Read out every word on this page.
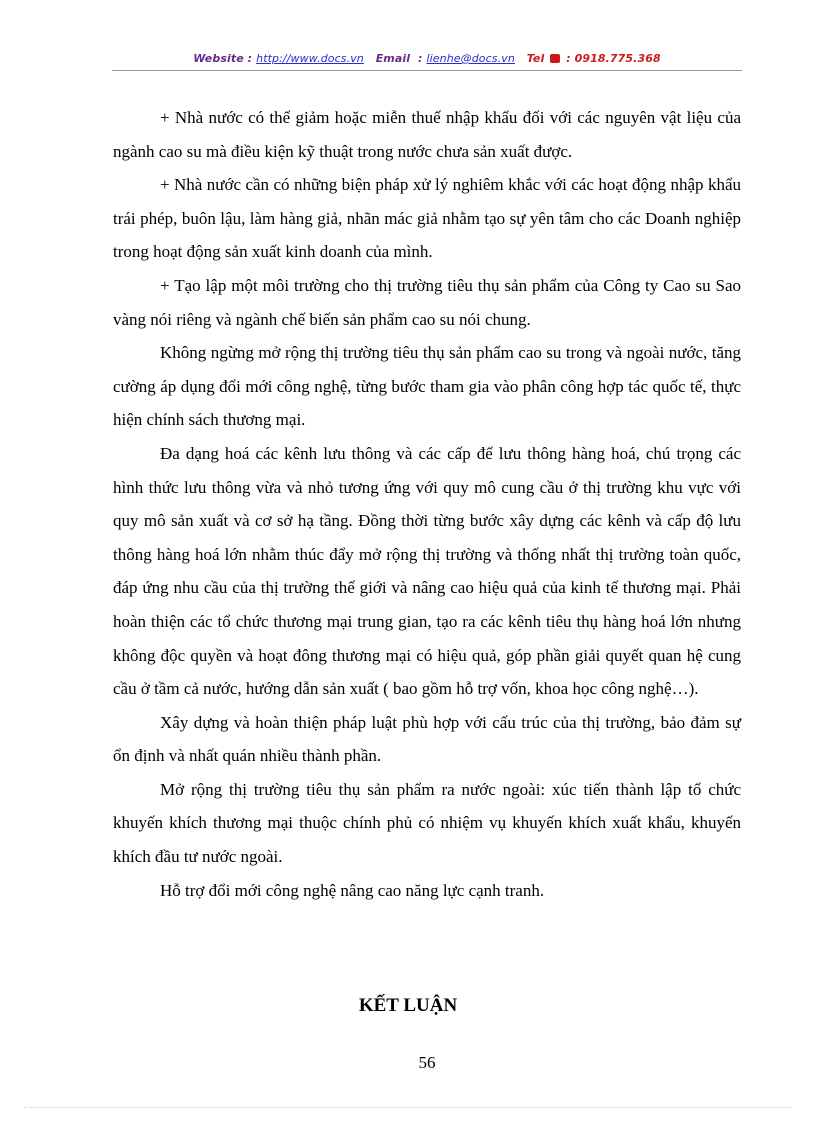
Website : http://www.docs.vn Email : lienhe@docs.vn Tel : 0918.775.368

+ Nhà nước có thể giảm hoặc miễn thuế nhập khẩu đối với các nguyên vật liệu của ngành cao su mà điều kiện kỹ thuật trong nước chưa sản xuất được.

+ Nhà nước cần có những biện pháp xử lý nghiêm khắc với các hoạt động nhập khẩu trái phép, buôn lậu, làm hàng giả, nhãn mác giả nhằm tạo sự yên tâm cho các Doanh nghiệp trong hoạt động sản xuất kinh doanh của mình.

+ Tạo lập một môi trường cho thị trường tiêu thụ sản phẩm của Công ty Cao su Sao vàng nói riêng và ngành chế biến sản phẩm cao su nói chung.

Không ngừng mở rộng thị trường tiêu thụ sản phẩm cao su trong và ngoài nước, tăng cường áp dụng đổi mới công nghệ, từng bước tham gia vào phân công hợp tác quốc tế, thực hiện chính sách thương mại.

Đa dạng hoá các kênh lưu thông và các cấp để lưu thông hàng hoá, chú trọng các hình thức lưu thông vừa và nhỏ tương ứng với quy mô cung cầu ở thị trường khu vực với quy mô sản xuất và cơ sở hạ tầng. Đồng thời từng bước xây dựng các kênh và cấp độ lưu thông hàng hoá lớn nhằm thúc đẩy mở rộng thị trường và thống nhất thị trường toàn quốc, đáp ứng nhu cầu của thị trường thế giới và nâng cao hiệu quả của kinh tế thương mại. Phải hoàn thiện các tổ chức thương mại trung gian, tạo ra các kênh tiêu thụ hàng hoá lớn nhưng không độc quyền và hoạt đông thương mại có hiệu quả, góp phần giải quyết quan hệ cung cầu ở tầm cả nước, hướng dẫn sản xuất ( bao gồm hỗ trợ vốn, khoa học công nghệ…).

Xây dựng và hoàn thiện pháp luật phù hợp với cấu trúc của thị trường, bảo đảm sự ổn định và nhất quán nhiều thành phần.

Mở rộng thị trường tiêu thụ sản phẩm ra nước ngoài: xúc tiến thành lập tổ chức khuyến khích thương mại thuộc chính phủ có nhiệm vụ khuyến khích xuất khẩu, khuyến khích đầu tư nước ngoài.

Hỗ trợ đổi mới công nghệ nâng cao năng lực cạnh tranh.

KẾT LUẬN
56
